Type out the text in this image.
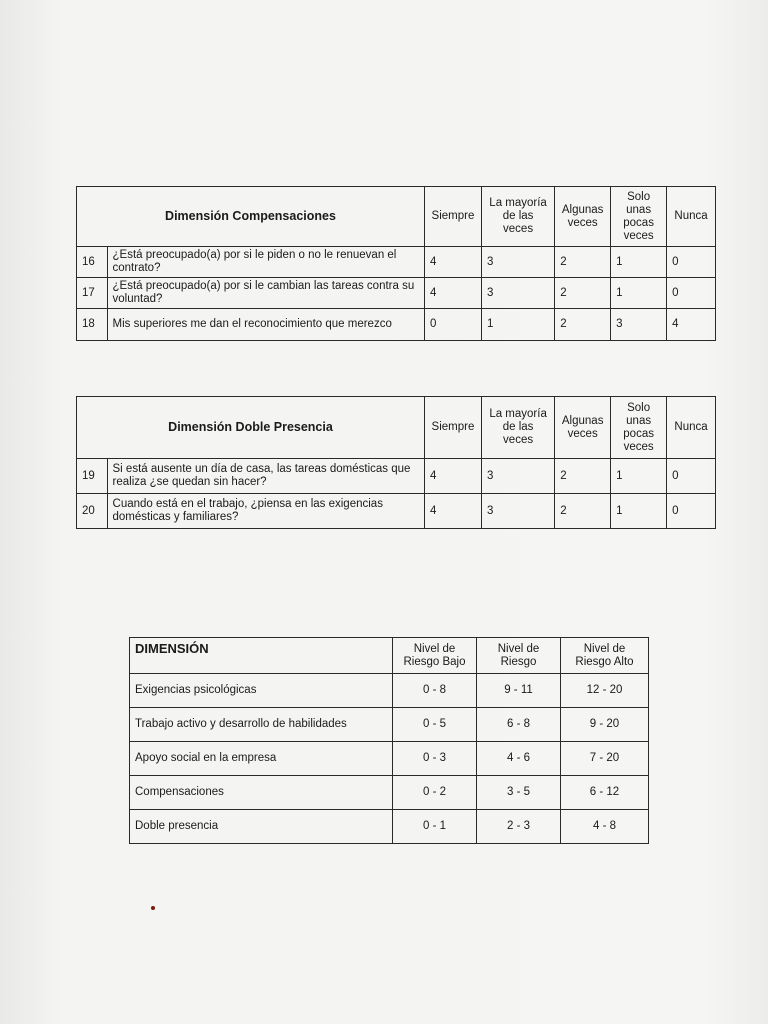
Dimensión Compensaciones		Siempre	La mayoría de las veces	Algunas veces	Solo unas pocas veces	Nunca
16	¿Está preocupado(a) por si le piden o no le renuevan el contrato?	4	3	2	1	0
17	¿Está preocupado(a) por si le cambian las tareas contra su voluntad?	4	3	2	1	0
18	Mis superiores me dan el reconocimiento que merezco	0	1	2	3	4
Dimensión Doble Presencia		Siempre	La mayoría de las veces	Algunas veces	Solo unas pocas veces	Nunca
19	Si está ausente un día de casa, las tareas domésticas que realiza ¿se quedan sin hacer?	4	3	2	1	0
20	Cuando está en el trabajo, ¿piensa en las exigencias domésticas y familiares?	4	3	2	1	0
DIMENSIÓN	Nivel de Riesgo Bajo	Nivel de Riesgo	Nivel de Riesgo Alto
Exigencias psicológicas	0 - 8	9 - 11	12 - 20
Trabajo activo y desarrollo de habilidades	0 - 5	6 - 8	9 - 20
Apoyo social en la empresa	0 - 3	4 - 6	7 - 20
Compensaciones	0 - 2	3 - 5	6 - 12
Doble presencia	0 - 1	2 - 3	4 - 8
